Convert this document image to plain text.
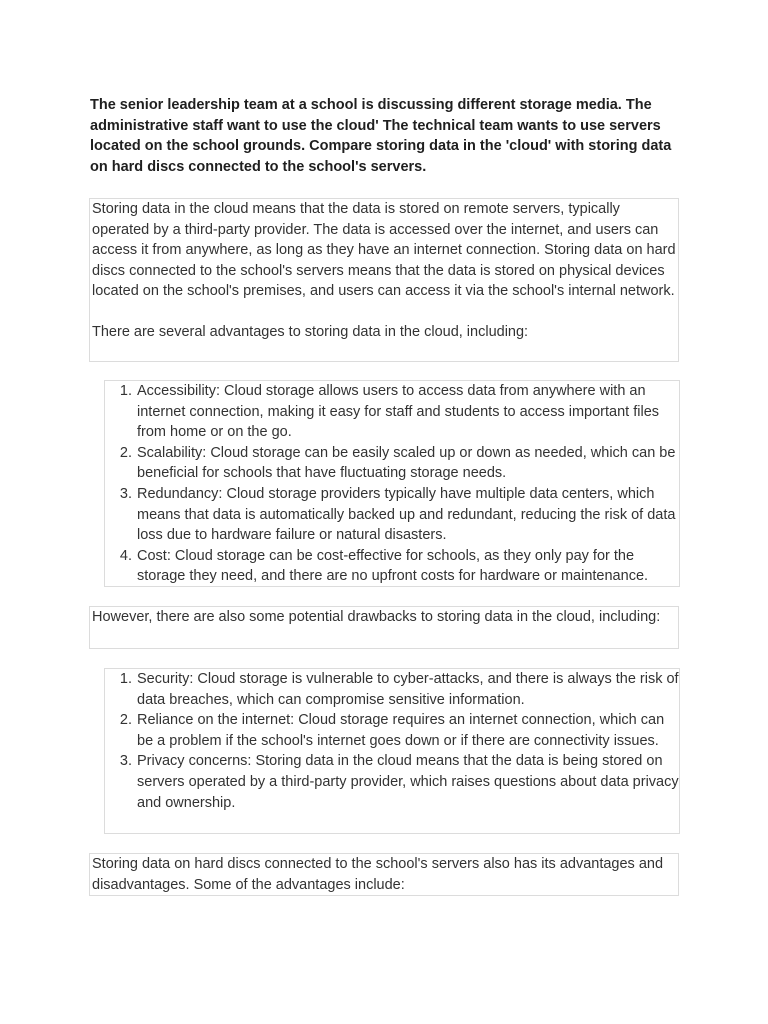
The senior leadership team at a school is discussing different storage media. The administrative staff want to use the cloud' The technical team wants to use servers located on the school grounds. Compare storing data in the 'cloud' with storing data on hard discs connected to the school's servers.

Storing data in the cloud means that the data is stored on remote servers, typically operated by a third-party provider. The data is accessed over the internet, and users can access it from anywhere, as long as they have an internet connection. Storing data on hard discs connected to the school's servers means that the data is stored on physical devices located on the school's premises, and users can access it via the school's internal network.

There are several advantages to storing data in the cloud, including:

1. Accessibility: Cloud storage allows users to access data from anywhere with an internet connection, making it easy for staff and students to access important files from home or on the go.
2. Scalability: Cloud storage can be easily scaled up or down as needed, which can be beneficial for schools that have fluctuating storage needs.
3. Redundancy: Cloud storage providers typically have multiple data centers, which means that data is automatically backed up and redundant, reducing the risk of data loss due to hardware failure or natural disasters.
4. Cost: Cloud storage can be cost-effective for schools, as they only pay for the storage they need, and there are no upfront costs for hardware or maintenance.

However, there are also some potential drawbacks to storing data in the cloud, including:

1. Security: Cloud storage is vulnerable to cyber-attacks, and there is always the risk of data breaches, which can compromise sensitive information.
2. Reliance on the internet: Cloud storage requires an internet connection, which can be a problem if the school's internet goes down or if there are connectivity issues.
3. Privacy concerns: Storing data in the cloud means that the data is being stored on servers operated by a third-party provider, which raises questions about data privacy and ownership.

Storing data on hard discs connected to the school's servers also has its advantages and disadvantages. Some of the advantages include:
